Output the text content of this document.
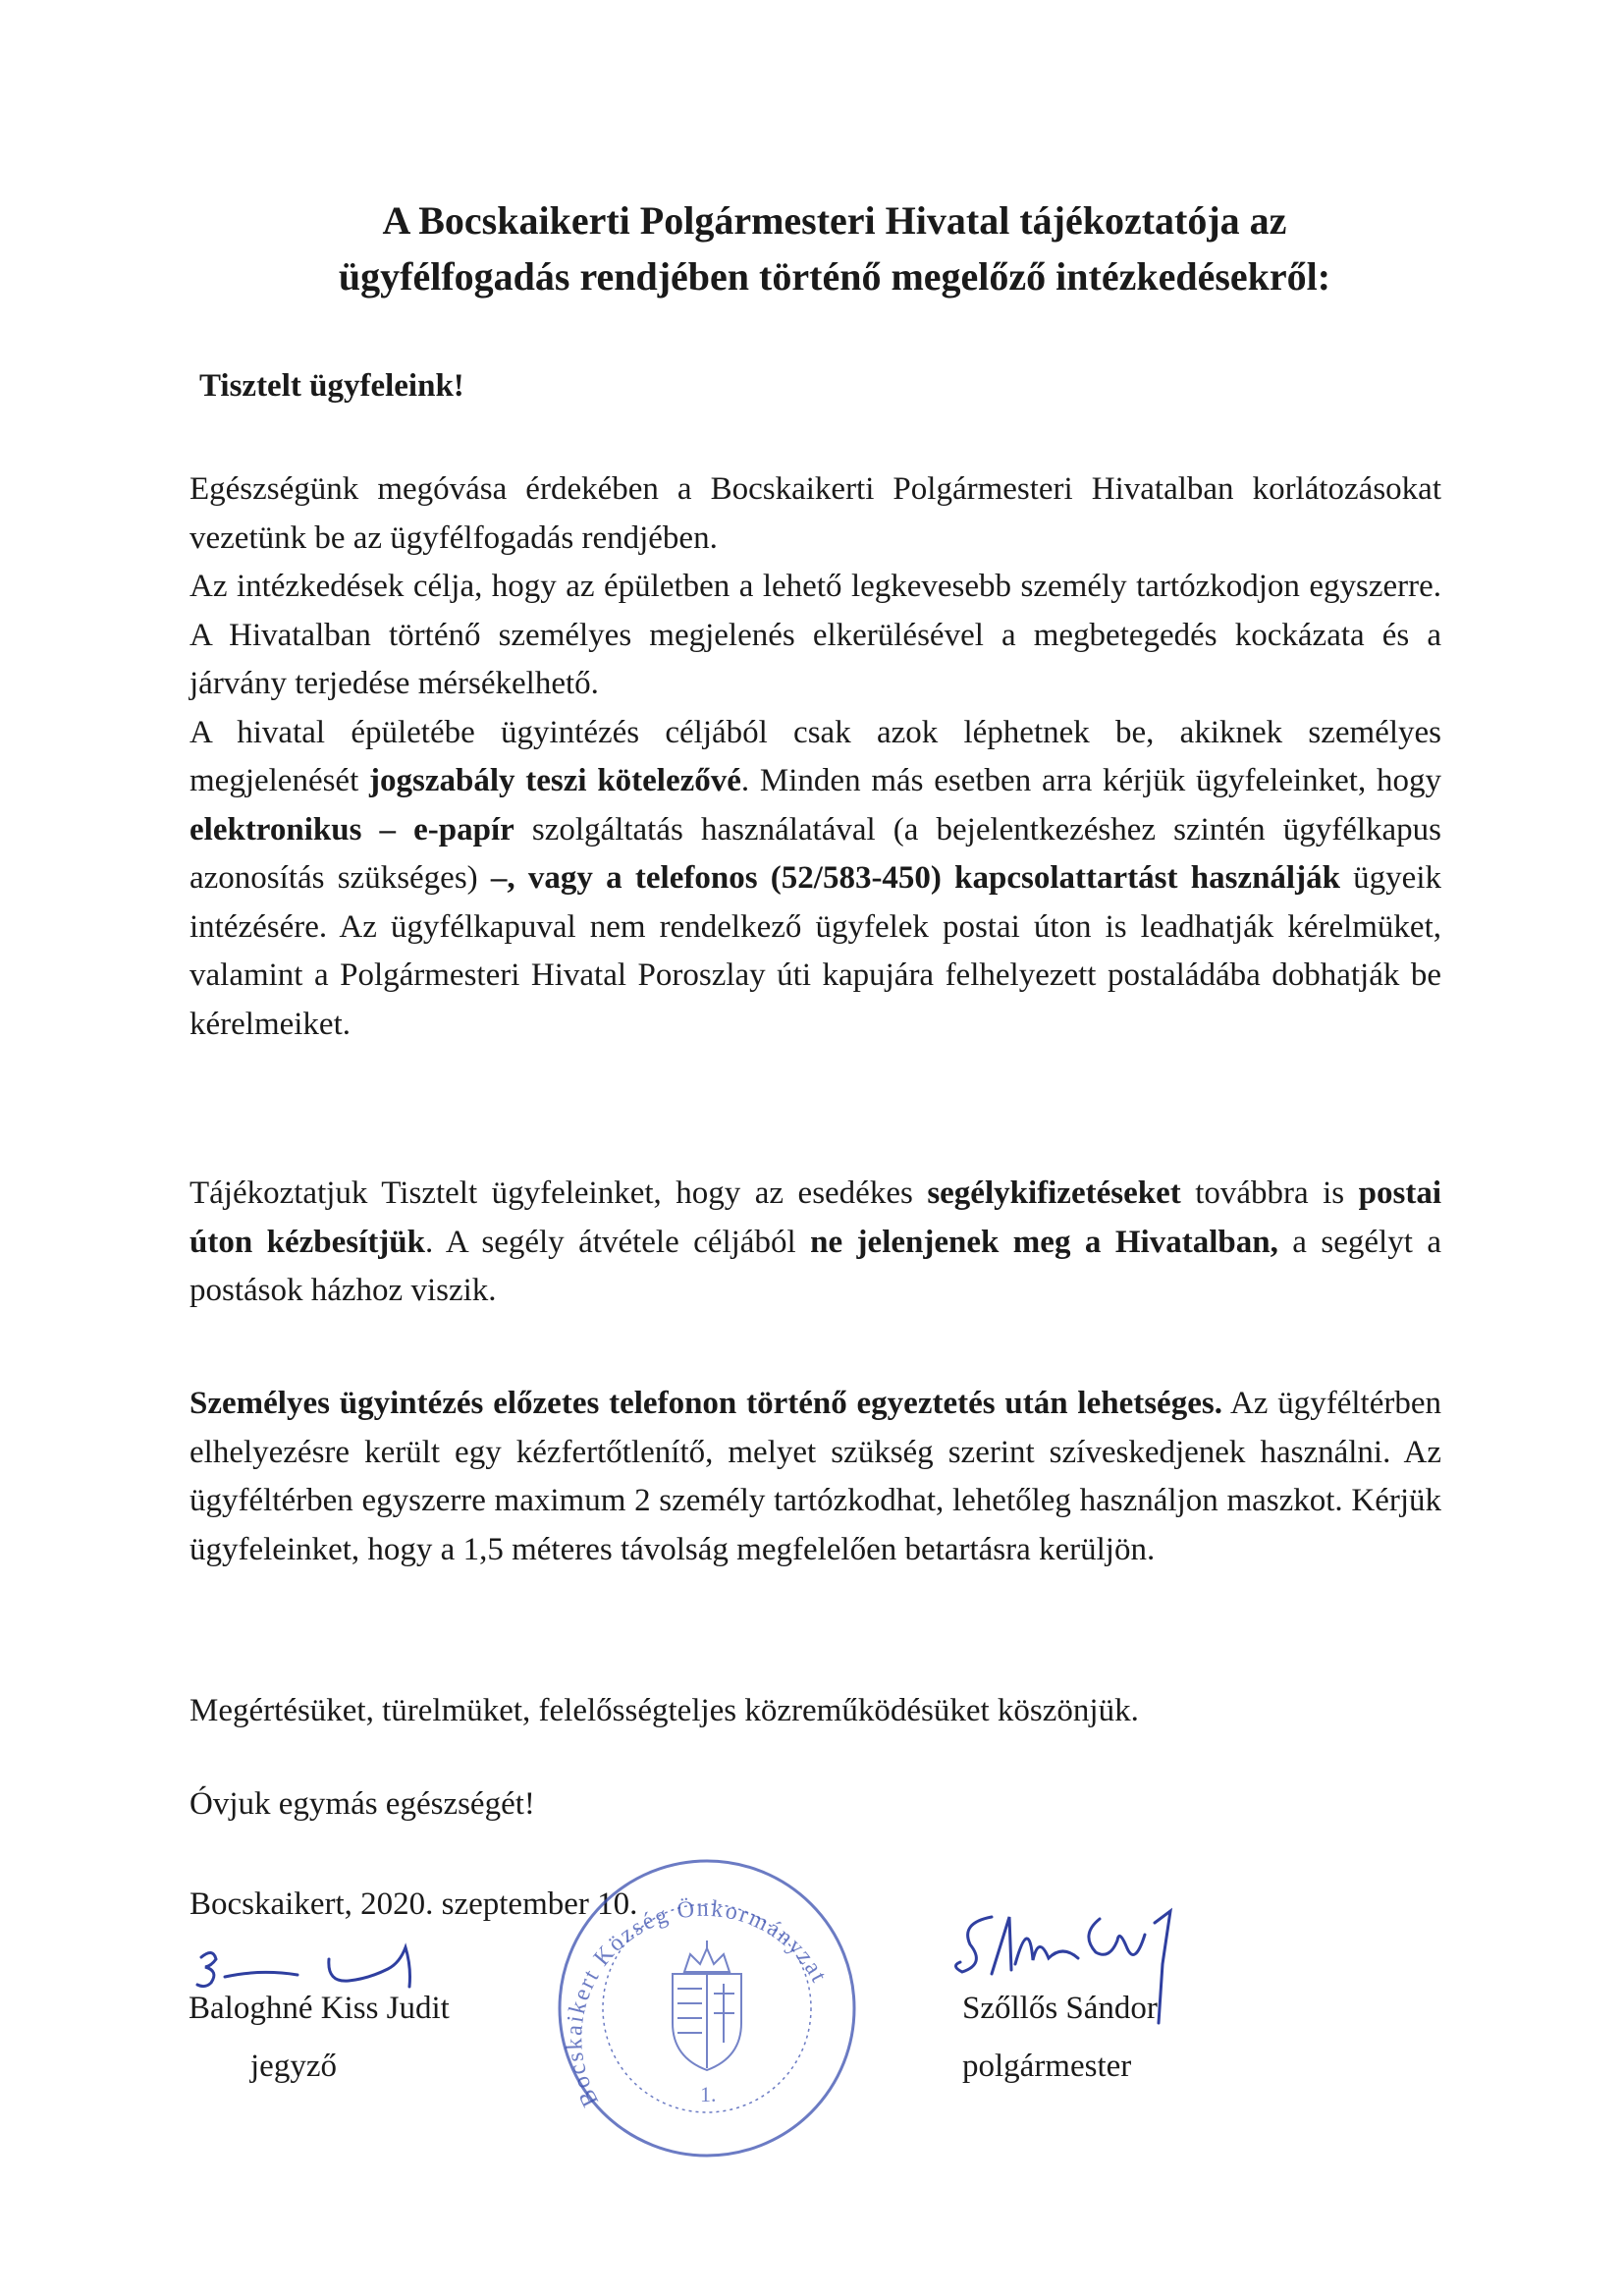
A Bocskaikerti Polgármesteri Hivatal tájékoztatója az
ügyfélfogadás rendjében történő megelőző intézkedésekről:
Tisztelt ügyfeleink!
Egészségünk megóvása érdekében a Bocskaikerti Polgármesteri Hivatalban korlátozásokat vezetünk be az ügyfélfogadás rendjében.
Az intézkedések célja, hogy az épületben a lehető legkevesebb személy tartózkodjon egyszerre. A Hivatalban történő személyes megjelenés elkerülésével a megbetegedés kockázata és a járvány terjedése mérsékelhető.
A hivatal épületébe ügyintézés céljából csak azok léphetnek be, akiknek személyes megjelenését jogszabály teszi kötelezővé. Minden más esetben arra kérjük ügyfeleinket, hogy elektronikus – e-papír szolgáltatás használatával (a bejelentkezéshez szintén ügyfélkapus azonosítás szükséges) –, vagy a telefonos (52/583-450) kapcsolattartást használják ügyeik intézésére. Az ügyfélkapuval nem rendelkező ügyfelek postai úton is leadhatják kérelmüket, valamint a Polgármesteri Hivatal Poroszlay úti kapujára felhelyezett postaládába dobhatják be kérelmeiket.
Tájékoztatjuk Tisztelt ügyfeleinket, hogy az esedékes segélykifizetéseket továbbra is postai úton kézbesítjük. A segély átvétele céljából ne jelenjenek meg a Hivatalban, a segélyt a postások házhoz viszik.
Személyes ügyintézés előzetes telefonon történő egyeztetés után lehetséges. Az ügyféltérben elhelyezésre került egy kézfertőtlenítő, melyet szükség szerint szíveskedjenek használni. Az ügyféltérben egyszerre maximum 2 személy tartózkodhat, lehetőleg használjon maszkot. Kérjük ügyfeleinket, hogy a 1,5 méteres távolság megfelelően betartásra kerüljön.
Megértésüket, türelmüket, felelősségteljes közreműködésüket köszönjük.
Óvjuk egymás egészségét!
Bocskaikert, 2020. szeptember 10.
Bocskaikert Község Önkormányzat
1.
Baloghné Kiss Judit
jegyző
Szőllős Sándor
polgármester
